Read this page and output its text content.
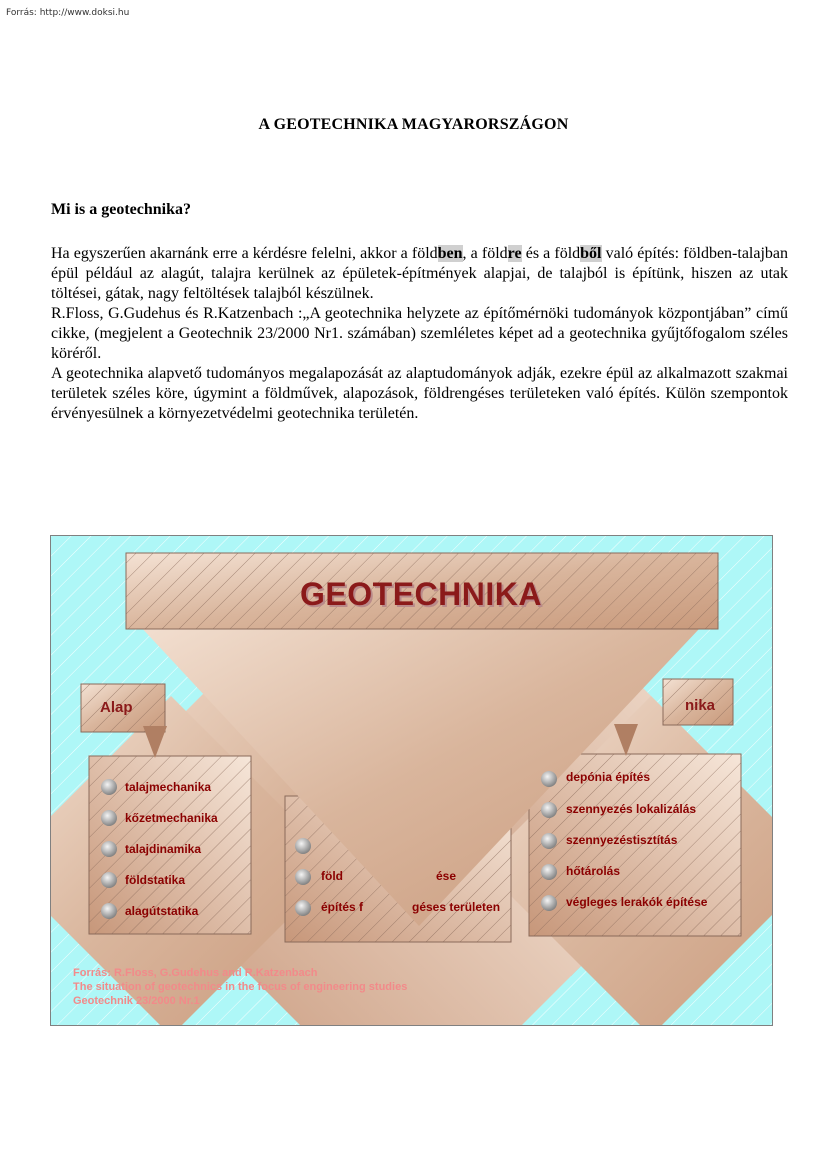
Forrás: http://www.doksi.hu
A GEOTECHNIKA MAGYARORSZÁGON
Mi is a geotechnika?

Ha egyszerűen akarnánk erre a kérdésre felelni, akkor a földben, a földre és a földből való építés: földben-talajban épül például az alagút, talajra kerülnek az épületek-építmények alapjai, de talajból is építünk, hiszen az utak töltései, gátak, nagy feltöltések talajból készülnek.

R.Floss, G.Gudehus és R.Katzenbach :„A geotechnika helyzete az építőmérnöki tudományok központjában” című cikke, (megjelent a Geotechnik 23/2000 Nr1. számában) szemléletes képet ad a geotechnika gyűjtőfogalom széles köréről.

A geotechnika alapvető tudományos megalapozását az alaptudományok adják, ezekre épül az alkalmazott szakmai területek széles köre, úgymint a földművek, alapozások, földrengéses területeken való építés. Külön szempontok érvényesülnek a környezetvédelmi geotechnika területén.

GEOTECHNIKA
Alap	nika
talajmechanika
kőzetmechanika
talajdinamika
földstatika
alagútstatika
föld	ése
építés f	géses területen
depónia építés
szennyezés lokalizálás
szennyezéstisztítás
hőtárolás
végleges lerakók építése
Forrás: R.Floss, G.Gudehus and R.Katzenbach
The situation of geotechnics in the focus of engineering studies
Geotechnik 23/2000 Nr.1
